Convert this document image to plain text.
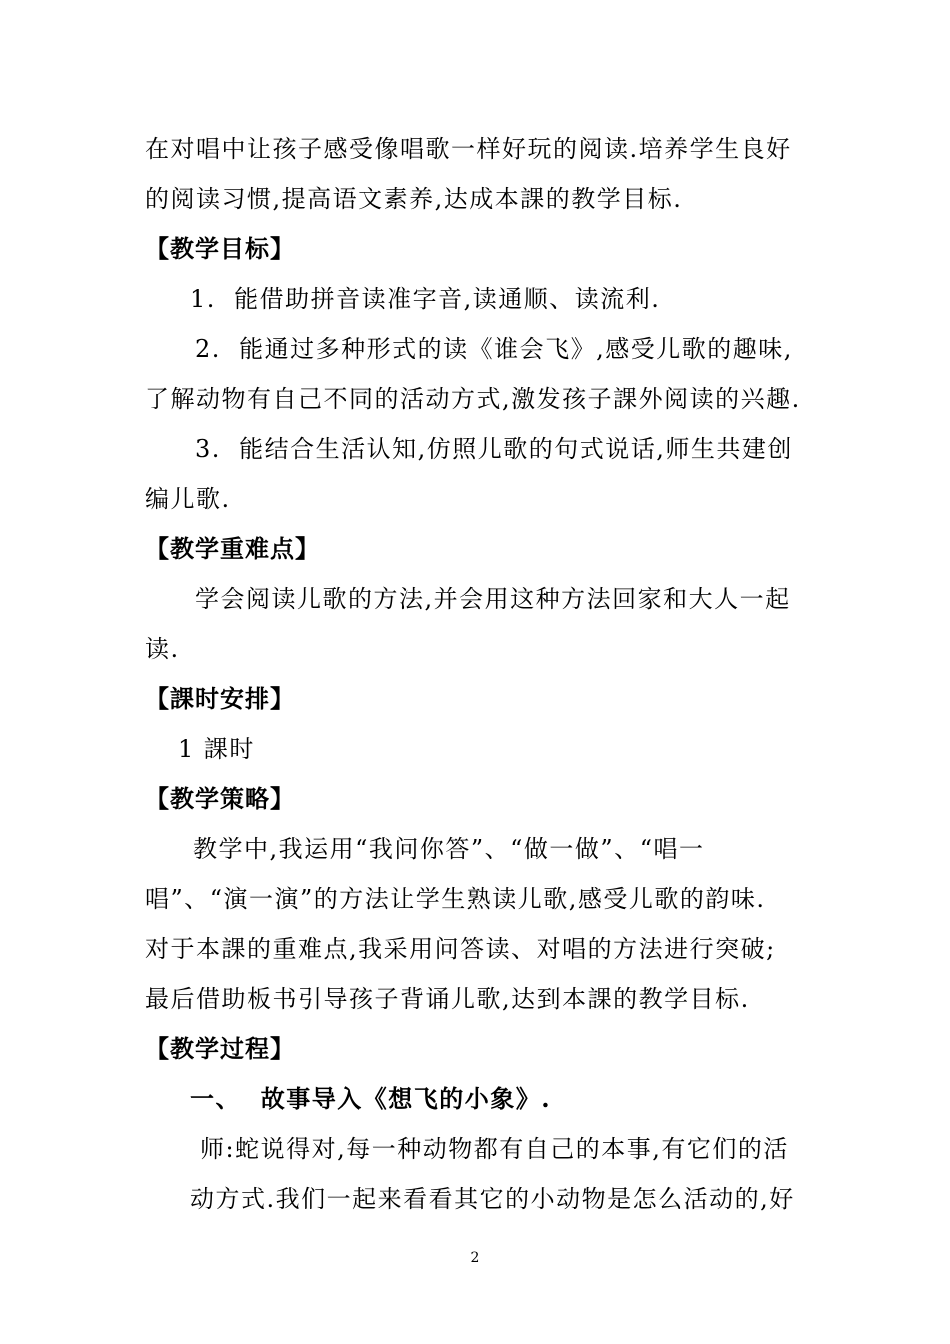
在对唱中让孩子感受像唱歌一样好玩的阅读.培养学生良好
的阅读习惯,提高语文素养,达成本課的教学目标.
【教学目标】
1.  能借助拼音读准字音,读通顺、读流利.
2.  能通过多种形式的读《谁会飞》,感受儿歌的趣味,
了解动物有自己不同的活动方式,激发孩子課外阅读的兴趣.
3.  能结合生活认知,仿照儿歌的句式说话,师生共建创
编儿歌.
【教学重难点】
学会阅读儿歌的方法,并会用这种方法回家和大人一起
读.
【課时安排】
1 課时
【教学策略】
教学中,我运用“我问你答”、“做一做”、“唱一
唱”、“演一演”的方法让学生熟读儿歌,感受儿歌的韵味.
对于本課的重难点,我采用问答读、对唱的方法进行突破;
最后借助板书引导孩子背诵儿歌,达到本課的教学目标.
【教学过程】
一、  故事导入《想飞的小象》.
师:蛇说得对,每一种动物都有自己的本事,有它们的活
动方式.我们一起来看看其它的小动物是怎么活动的,好
2
